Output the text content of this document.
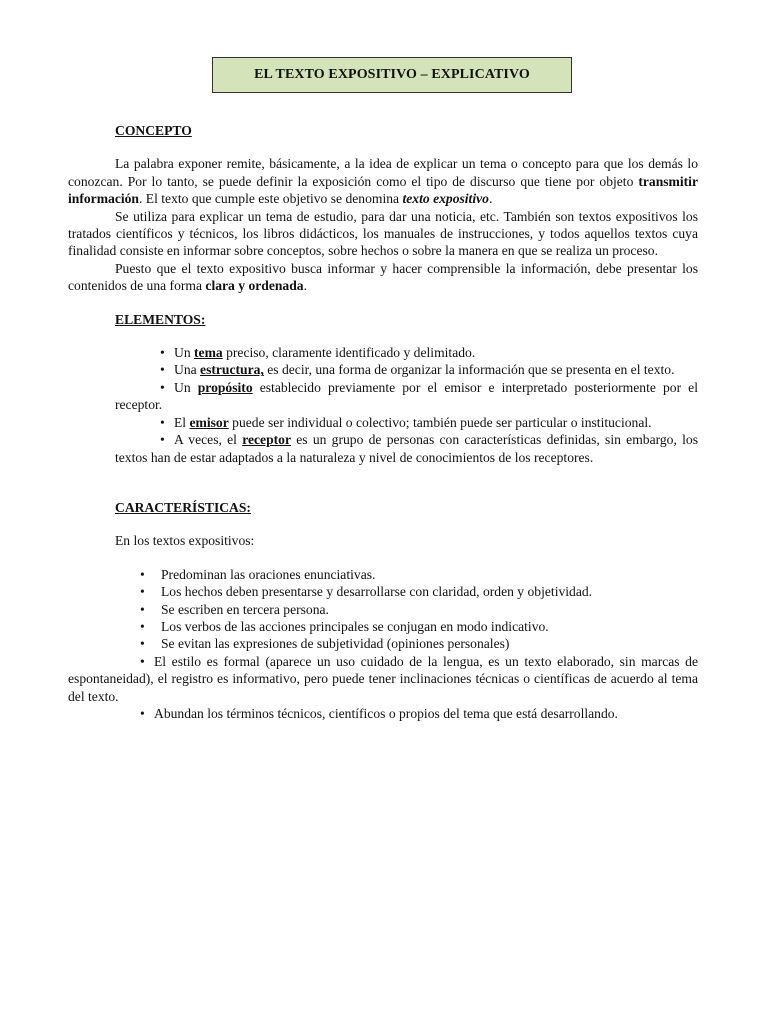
EL TEXTO EXPOSITIVO – EXPLICATIVO
CONCEPTO

La palabra exponer remite, básicamente, a la idea de explicar un tema o concepto para que los demás lo conozcan. Por lo tanto, se puede definir la exposición como el tipo de discurso que tiene por objeto transmitir información. El texto que cumple este objetivo se denomina texto expositivo.

Se utiliza para explicar un tema de estudio, para dar una noticia, etc. También son textos expositivos los tratados científicos y técnicos, los libros didácticos, los manuales de instrucciones, y todos aquellos textos cuya finalidad consiste en informar sobre conceptos, sobre hechos o sobre la manera en que se realiza un proceso.

Puesto que el texto expositivo busca informar y hacer comprensible la información, debe presentar los contenidos de una forma clara y ordenada.

ELEMENTOS:
• Un tema preciso, claramente identificado y delimitado.
• Una estructura, es decir, una forma de organizar la información que se presenta en el texto.
• Un propósito establecido previamente por el emisor e interpretado posteriormente por el receptor.
• El emisor puede ser individual o colectivo; también puede ser particular o institucional.
• A veces, el receptor es un grupo de personas con características definidas, sin embargo, los textos han de estar adaptados a la naturaleza y nivel de conocimientos de los receptores.
CARACTERÍSTICAS:

En los textos expositivos:

• Predominan las oraciones enunciativas.
• Los hechos deben presentarse y desarrollarse con claridad, orden y objetividad.
• Se escriben en tercera persona.
• Los verbos de las acciones principales se conjugan en modo indicativo.
• Se evitan las expresiones de subjetividad (opiniones personales)
• El estilo es formal (aparece un uso cuidado de la lengua, es un texto elaborado, sin marcas de espontaneidad), el registro es informativo, pero puede tener inclinaciones técnicas o científicas de acuerdo al tema del texto.
• Abundan los términos técnicos, científicos o propios del tema que está desarrollando.
